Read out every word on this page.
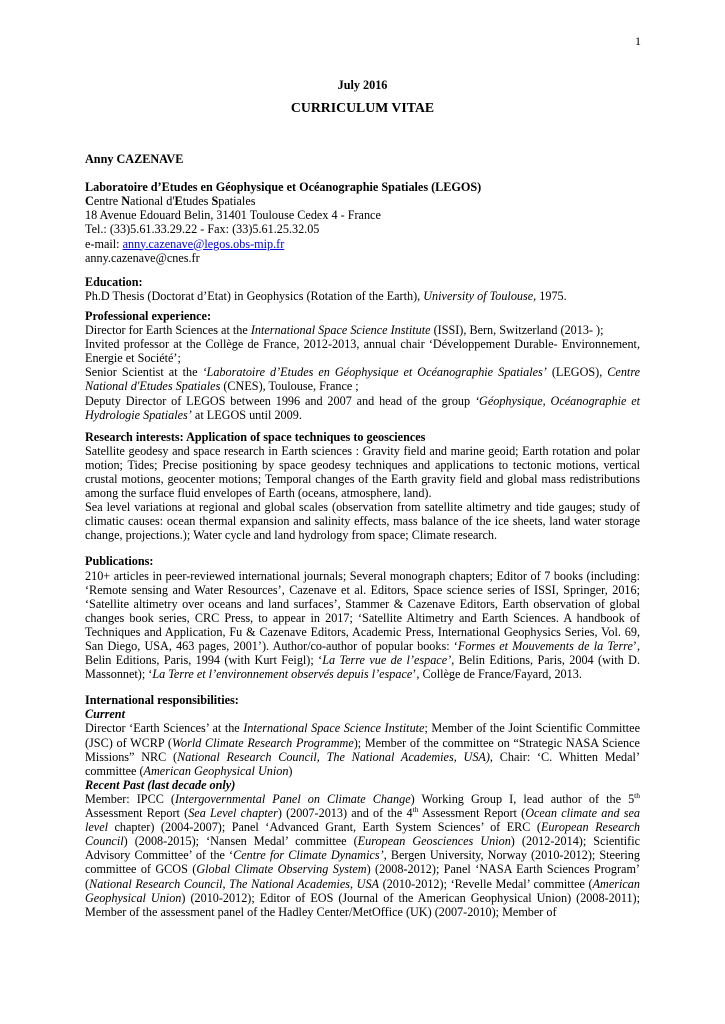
1

July 2016

CURRICULUM VITAE

Anny CAZENAVE

Laboratoire d’Etudes en Géophysique et Océanographie Spatiales (LEGOS)

Centre National d'Etudes Spatiales

18 Avenue Edouard Belin, 31401 Toulouse Cedex 4 - France

Tel.: (33)5.61.33.29.22 - Fax: (33)5.61.25.32.05

e-mail: anny.cazenave@legos.obs-mip.fr

anny.cazenave@cnes.fr

Education:

Ph.D Thesis (Doctorat d’Etat) in Geophysics (Rotation of the Earth), University of Toulouse, 1975.

Professional experience:

Director for Earth Sciences at the International Space Science Institute (ISSI), Bern, Switzerland (2013- );

Invited professor at the Collège de France, 2012-2013, annual chair ‘Développement Durable- Environnement, Energie et Société’;

Senior Scientist at the ‘Laboratoire d’Etudes en Géophysique et Océanographie Spatiales’ (LEGOS), Centre National d'Etudes Spatiales (CNES), Toulouse, France ;

Deputy Director of LEGOS between 1996 and 2007 and head of the group ‘Géophysique, Océanographie et Hydrologie Spatiales’ at LEGOS until 2009.

Research interests: Application of space techniques to geosciences

Satellite geodesy and space research in Earth sciences : Gravity field and marine geoid; Earth rotation and polar motion; Tides; Precise positioning by space geodesy techniques and applications to tectonic motions, vertical crustal motions, geocenter motions; Temporal changes of the Earth gravity field and global mass redistributions among the surface fluid envelopes of Earth (oceans, atmosphere, land).

Sea level variations at regional and global scales (observation from satellite altimetry and tide gauges; study of climatic causes: ocean thermal expansion and salinity effects, mass balance of the ice sheets, land water storage change, projections.); Water cycle and land hydrology from space; Climate research.

Publications:

210+ articles in peer-reviewed international journals; Several monograph chapters; Editor of 7 books (including: ‘Remote sensing and Water Resources’, Cazenave et al. Editors, Space science series of ISSI, Springer, 2016; ‘Satellite altimetry over oceans and land surfaces’, Stammer & Cazenave Editors, Earth observation of global changes book series, CRC Press, to appear in 2017; ‘Satellite Altimetry and Earth Sciences. A handbook of Techniques and Application, Fu & Cazenave Editors, Academic Press, International Geophysics Series, Vol. 69, San Diego, USA, 463 pages, 2001’). Author/co-author of popular books: ‘Formes et Mouvements de la Terre’, Belin Editions, Paris, 1994 (with Kurt Feigl); ‘La Terre vue de l’espace’, Belin Editions, Paris, 2004 (with D. Massonnet); ‘La Terre et l’environnement observés depuis l’espace’, Collège de France/Fayard, 2013.

International responsibilities:

Current

Director ‘Earth Sciences’ at the International Space Science Institute; Member of the Joint Scientific Committee (JSC) of WCRP (World Climate Research Programme); Member of the committee on “Strategic NASA Science Missions” NRC (National Research Council, The National Academies, USA), Chair: ‘C. Whitten Medal’ committee (American Geophysical Union)

Recent Past (last decade only)

Member: IPCC (Intergovernmental Panel on Climate Change) Working Group I, lead author of the 5th Assessment Report (Sea Level chapter) (2007-2013) and of the 4th Assessment Report (Ocean climate and sea level chapter) (2004-2007); Panel ‘Advanced Grant, Earth System Sciences’ of ERC (European Research Council) (2008-2015); ‘Nansen Medal’ committee (European Geosciences Union) (2012-2014); Scientific Advisory Committee’ of the ‘Centre for Climate Dynamics’, Bergen University, Norway (2010-2012); Steering committee of GCOS (Global Climate Observing System) (2008-2012); Panel ‘NASA Earth Sciences Program’ (National Research Council, The National Academies, USA (2010-2012); ‘Revelle Medal’ committee (American Geophysical Union) (2010-2012); Editor of EOS (Journal of the American Geophysical Union) (2008-2011); Member of the assessment panel of the Hadley Center/MetOffice (UK) (2007-2010); Member of
